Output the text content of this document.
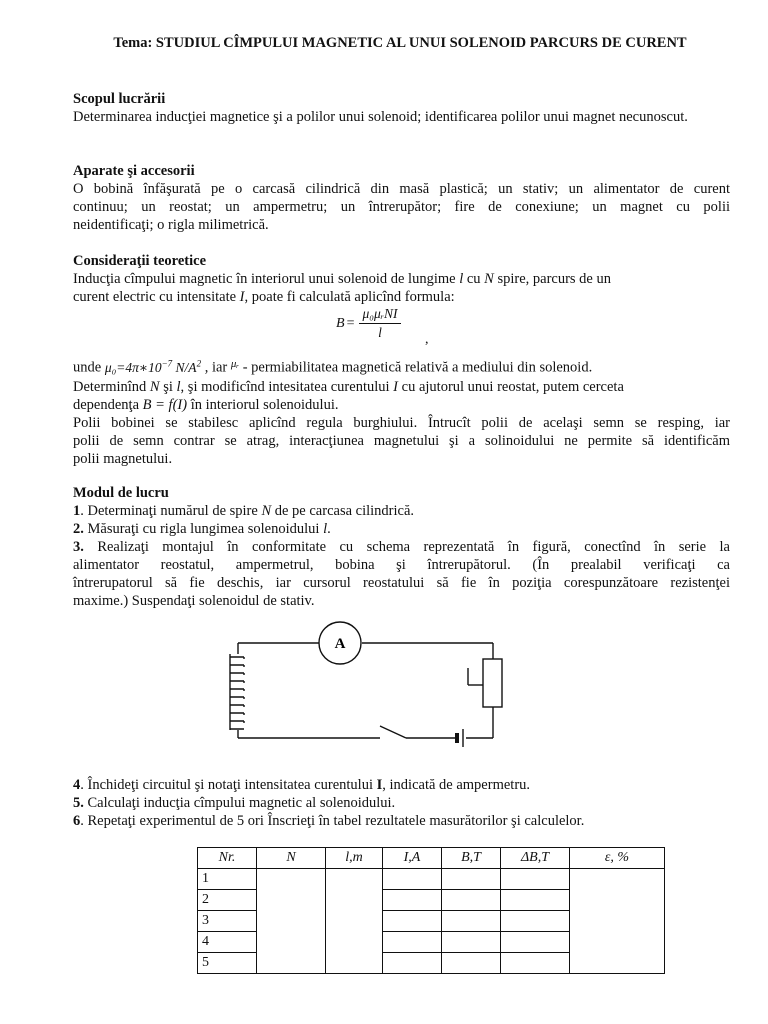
Tema: STUDIUL CÎMPULUI MAGNETIC AL UNUI SOLENOID PARCURS DE CURENT
Scopul lucrării
Determinarea inducţiei magnetice şi a polilor unui solenoid; identificarea polilor unui magnet necunoscut.
Aparate şi accesorii
O bobină înfăşurată pe o carcasă cilindrică din masă plastică; un stativ; un alimentator de curent
continuu; un reostat; un ampermetru; un întrerupător; fire de conexiune; un magnet cu polii
neidentificaţi; o rigla milimetrică.
Consideraţii teoretice
Inducţia cîmpului magnetic în interiorul unui solenoid de lungime l cu N spire, parcurs de un
curent electric cu intensitate I, poate fi calculată aplicînd formula:
$B = \frac{\text{μ₀μᵣNI}}{l}$ ,
unde $\mu_0=4\pi∗10^{-7}$ $N/A^2$ , iar $^{\mu ᵣ}$ - permiabilitatea magnetică relativă a mediului din solenoid.
Determinînd N şi l, şi modificînd intesitatea curentului I cu ajutorul unui reostat, putem cerceta
dependenţa B = f(I) în interiorul solenoidului.
Polii bobinei se stabilesc aplicînd regula burghiului. Întrucît polii de acelaşi semn se resping, iar
polii de semn contrar se atrag, interacţiunea magnetului şi a solinoidului ne permite să identificăm
polii magnetului.
Modul de lucru
1. Determinaţi numărul de spire N de pe carcasa cilindrică.
2. Măsuraţi cu rigla lungimea solenoidului l.
3. Realizaţi montajul în conformitate cu schema reprezentată în figură, conectînd în serie la
alimentator reostatul, ampermetrul, bobina şi întrerupătorul. (În prealabil verificaţi ca
întrerupatorul să fie deschis, iar cursorul reostatului să fie în poziţia corespunzătoare rezistenţei
maxime.) Suspendaţi solenoidul de stativ.
A
4. Închideţi circuitul şi notaţi intensitatea curentului I, indicată de ampermetru.
5. Calculaţi inducţia cîmpului magnetic al solenoidului.
6. Repetaţi experimentul de 5 ori Înscrieţi în tabel rezultatele masurătorilor şi calculelor.
Nr.	N	l,m	I,A	B,T	ΔB,T	ε, %
1						
2						
3						
4						
5						
